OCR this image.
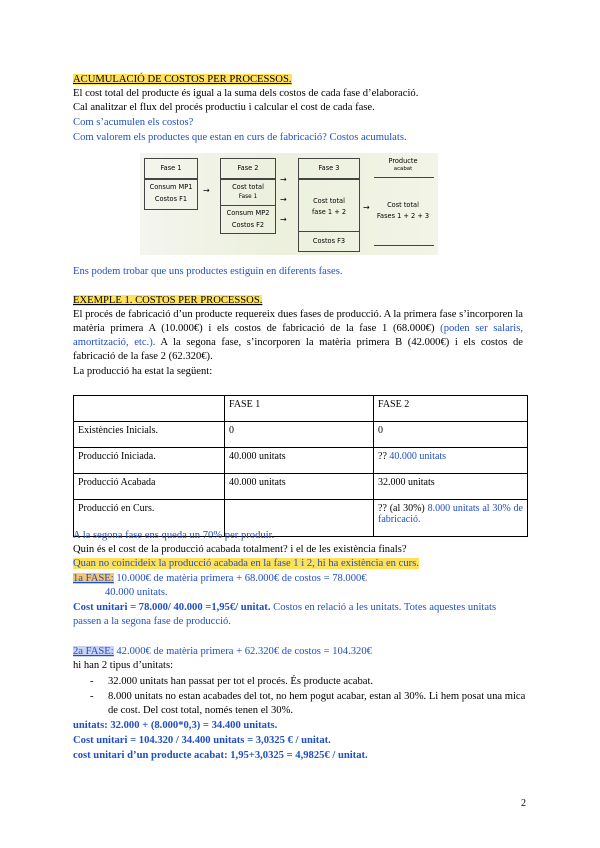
ACUMULACIÓ DE COSTOS PER PROCESSOS.
El cost total del producte és igual a la suma dels costos de cada fase d’elaboració.
Cal analitzar el flux del procés productiu i calcular el cost de cada fase.
Com s’acumulen els costos?
Com valorem els productes que estan en curs de fabricació? Costos acumulats.
Fase 1
Consum MP1
Costos F1
→
Fase 2
Cost total
Fase 1
Consum MP2
Costos F2
→
→
→
Fase 3
Cost total
fase 1 + 2
Costos F3
→
Producte
acabat
Cost total
Fases 1 + 2 + 3
Ens podem trobar que uns productes estiguin en diferents fases.
EXEMPLE 1. COSTOS PER PROCESSOS.
El procés de fabricació d’un producte requereix dues fases de producció. A la primera fase s’incorporen la matèria primera A (10.000€) i els costos de fabricació de la fase 1 (68.000€) (poden ser salaris, amortització, etc.). A la segona fase, s’incorporen la matèria primera B (42.000€) i els costos de fabricació de la fase 2 (62.320€).
La producció ha estat la següent:
	FASE 1	FASE 2
Existències Inicials.	0	0
Producció Iniciada.	40.000 unitats	?? 40.000 unitats
Producció Acabada	40.000 unitats	32.000 unitats
Producció en Curs.		?? (al 30%) 8.000 unitats al 30% de fabricació.
A la segona fase ens queda un 70% per produir.
Quin és el cost de la producció acabada totalment? i el de les existència finals?
Quan no coincideix la producció acabada en la fase 1 i 2, hi ha existència en curs.
1a FASE: 10.000€ de matèria primera + 68.000€ de costos = 78.000€
40.000 unitats.
Cost unitari = 78.000/ 40.000 =1,95€/ unitat. Costos en relació a les unitats. Totes aquestes unitats
passen a la segona fase de producció.
2a FASE: 42.000€ de matèria primera + 62.320€ de costos = 104.320€
hi han 2 tipus d’unitats:
- 32.000 unitats han passat per tot el procés. És producte acabat.
- 8.000 unitats no estan acabades del tot, no hem pogut acabar, estan al 30%. Li hem posat una mica de cost. Del cost total, només tenen el 30%.
unitats: 32.000 + (8.000*0,3) = 34.400 unitats.
Cost unitari = 104.320 / 34.400 unitats = 3,0325 € / unitat.
cost unitari d’un producte acabat: 1,95+3,0325 = 4,9825€ / unitat.
2
